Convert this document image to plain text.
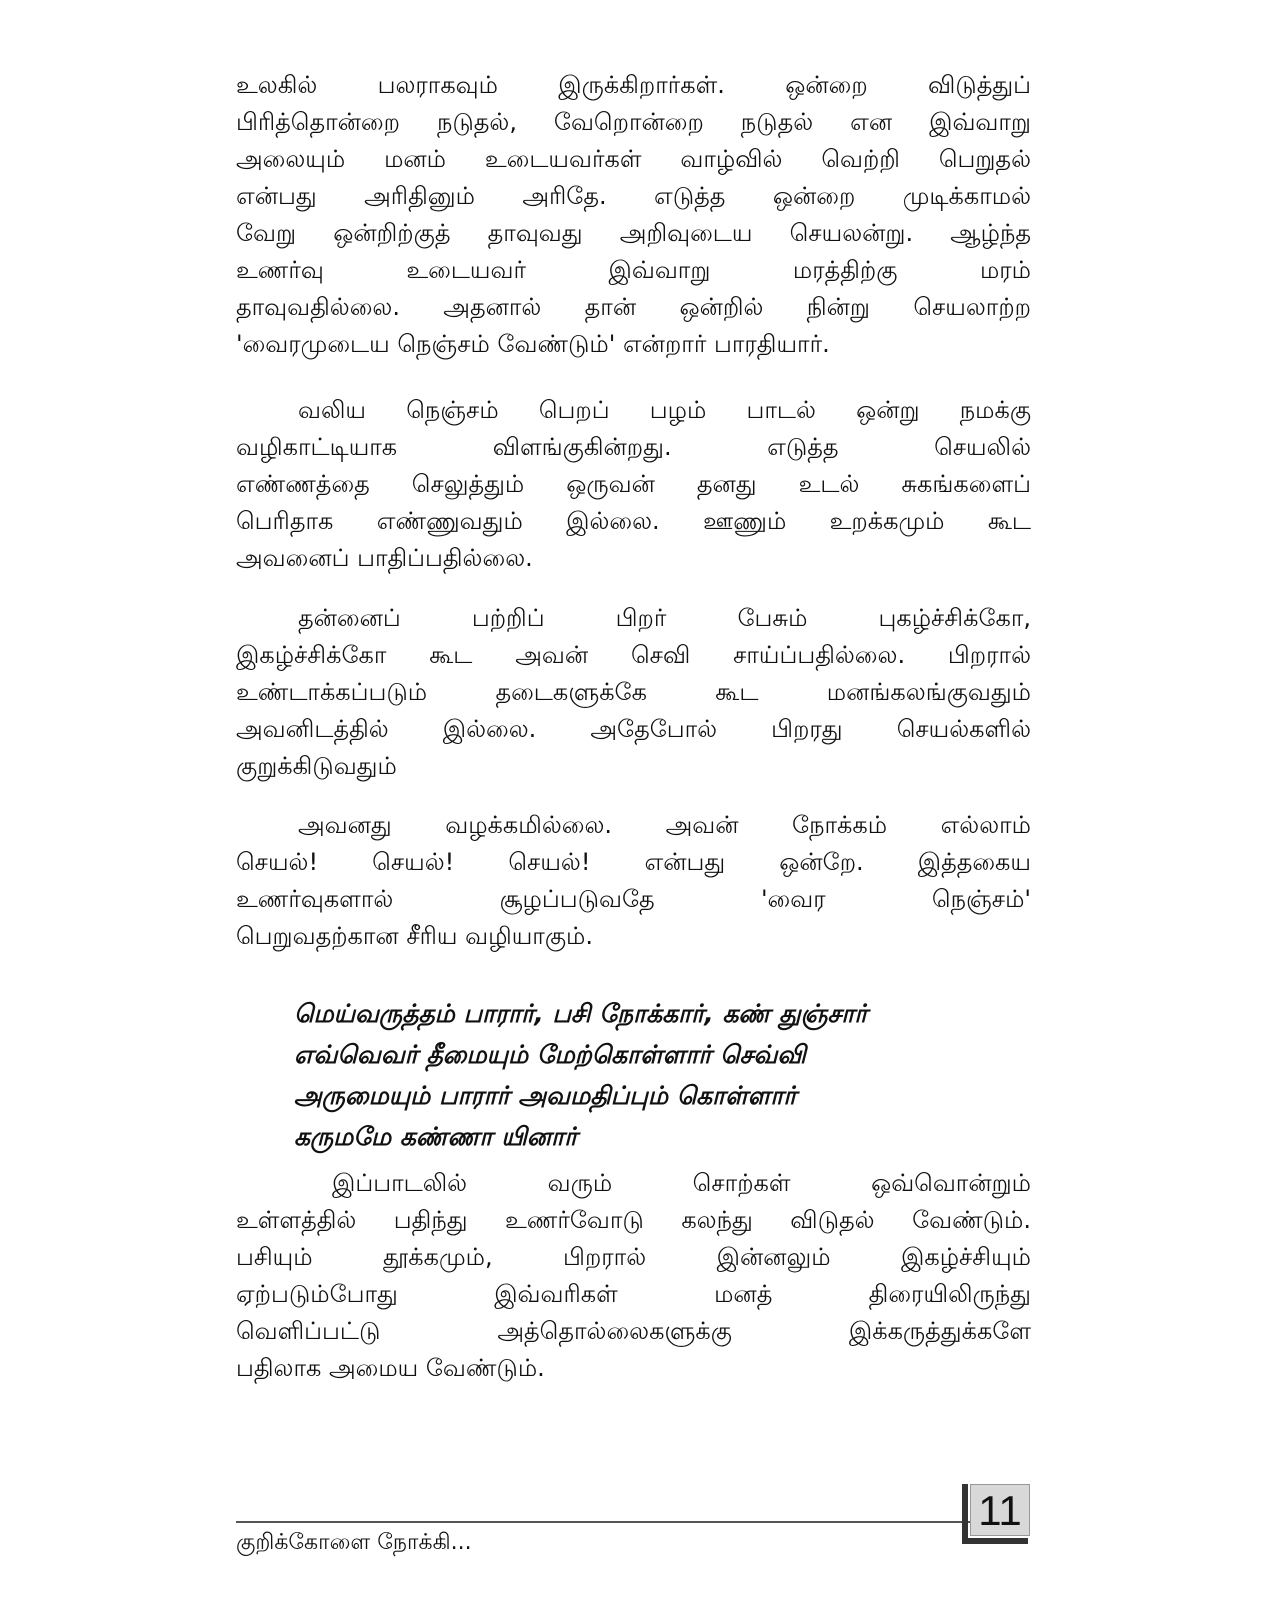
உலகில் பலராகவும் இருக்கிறார்கள். ஒன்றை விடுத்துப்
பிரித்தொன்றை நடுதல், வேறொன்றை நடுதல் என இவ்வாறு
அலையும் மனம் உடையவர்கள் வாழ்வில் வெற்றி பெறுதல்
என்பது அரிதினும் அரிதே. எடுத்த ஒன்றை முடிக்காமல்
வேறு ஒன்றிற்குத் தாவுவது அறிவுடைய செயலன்று. ஆழ்ந்த
உணர்வு உடையவர் இவ்வாறு மரத்திற்கு மரம்
தாவுவதில்லை. அதனால் தான் ஒன்றில் நின்று செயலாற்ற
'வைரமுடைய நெஞ்சம் வேண்டும்' என்றார் பாரதியார்.
வலிய நெஞ்சம் பெறப் பழம் பாடல் ஒன்று நமக்கு
வழிகாட்டியாக விளங்குகின்றது. எடுத்த செயலில்
எண்ணத்தை செலுத்தும் ஒருவன் தனது உடல் சுகங்களைப்
பெரிதாக எண்ணுவதும் இல்லை. ஊணும் உறக்கமும் கூட
அவனைப் பாதிப்பதில்லை.
தன்னைப் பற்றிப் பிறர் பேசும் புகழ்ச்சிக்கோ,
இகழ்ச்சிக்கோ கூட அவன் செவி சாய்ப்பதில்லை. பிறரால்
உண்டாக்கப்படும் தடைகளுக்கே கூட மனங்கலங்குவதும்
அவனிடத்தில் இல்லை. அதேபோல் பிறரது செயல்களில்
குறுக்கிடுவதும்
அவனது வழக்கமில்லை. அவன் நோக்கம் எல்லாம்
செயல்! செயல்! செயல்! என்பது ஒன்றே. இத்தகைய
உணர்வுகளால் சூழப்படுவதே 'வைர நெஞ்சம்'
பெறுவதற்கான சீரிய வழியாகும்.
மெய்வருத்தம் பாரார், பசி நோக்கார், கண் துஞ்சார்
எவ்வெவர் தீமையும் மேற்கொள்ளார் செவ்வி
அருமையும் பாரார் அவமதிப்பும் கொள்ளார்
கருமமே கண்ணா யினார்
இப்பாடலில் வரும் சொற்கள் ஒவ்வொன்றும்
உள்ளத்தில் பதிந்து உணர்வோடு கலந்து விடுதல் வேண்டும்.
பசியும் தூக்கமும், பிறரால் இன்னலும் இகழ்ச்சியும்
ஏற்படும்போது இவ்வரிகள் மனத் திரையிலிருந்து
வெளிப்பட்டு அத்தொல்லைகளுக்கு இக்கருத்துக்களே
பதிலாக அமைய வேண்டும்.
குறிக்கோளை நோக்கி...
11
